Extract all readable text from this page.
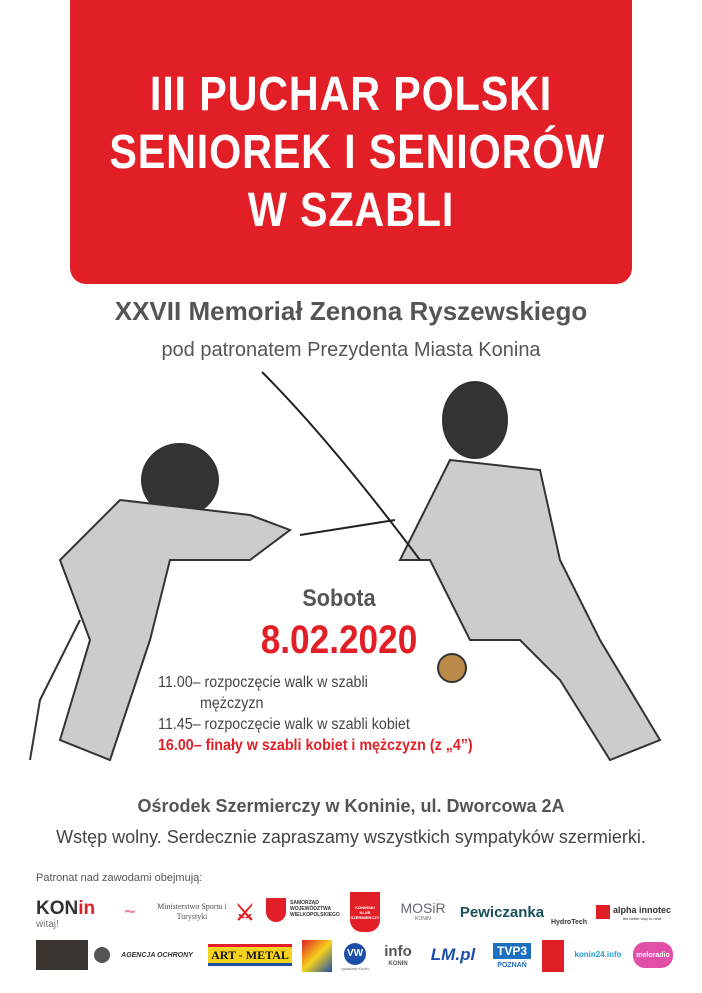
III PUCHAR POLSKI
SENIOREK I SENIORÓW
W SZABLI
XXVII Memoriał Zenona Ryszewskiego
pod patronatem Prezydenta Miasta Konina
Sobota
8.02.2020
11.00– rozpoczęcie walk w szabli
mężczyzn
11.45– rozpoczęcie walk w szabli kobiet
16.00– finały w szabli kobiet i mężczyzn (z „4”)
Ośrodek Szermierczy w Koninie, ul. Dworcowa 2A
Wstęp wolny. Serdecznie zapraszamy wszystkich sympatyków szermierki.
Patronat nad zawodami obejmują:
KONin
witaj!
~	Ministerstwo Sportu i Turystyki	⚔	SAMORZĄD WOJEWÓDZTWA WIELKOPOLSKIEGO
KONIŃSKI KLUB SZERMIERCZY
MOSiR
KONIN Pewiczanka
HydroTech
alpha innotec
the better way to heat
AGENCJA OCHRONY	ART - METAL	VW
Ignaszak Konin
info
KONIN	LM.pl	TVP3
POZNAŃ
konin24.info	meloradio
